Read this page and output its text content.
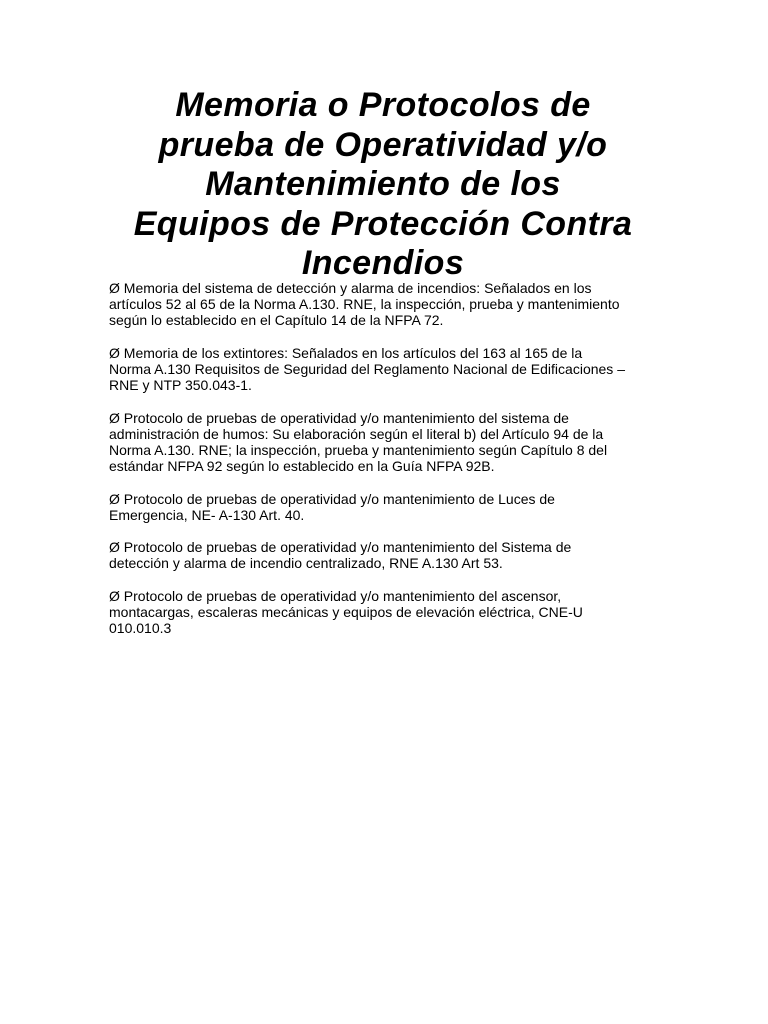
Memoria o Protocolos de
prueba de Operatividad y/o
Mantenimiento de los
Equipos de Protección Contra
Incendios

Ø Memoria del sistema de detección y alarma de incendios: Señalados en los
artículos 52 al 65 de la Norma A.130. RNE, la inspección, prueba y mantenimiento
según lo establecido en el Capítulo 14 de la NFPA 72.

Ø Memoria de los extintores: Señalados en los artículos del 163 al 165 de la
Norma A.130 Requisitos de Seguridad del Reglamento Nacional de Edificaciones –
RNE y NTP 350.043-1.

Ø Protocolo de pruebas de operatividad y/o mantenimiento del sistema de
administración de humos: Su elaboración según el literal b) del Artículo 94 de la
Norma A.130. RNE; la inspección, prueba y mantenimiento según Capítulo 8 del
estándar NFPA 92 según lo establecido en la Guía NFPA 92B.

Ø Protocolo de pruebas de operatividad y/o mantenimiento de Luces de
Emergencia, NE- A-130 Art. 40.

Ø Protocolo de pruebas de operatividad y/o mantenimiento del Sistema de
detección y alarma de incendio centralizado, RNE A.130 Art 53.

Ø Protocolo de pruebas de operatividad y/o mantenimiento del ascensor,
montacargas, escaleras mecánicas y equipos de elevación eléctrica, CNE-U
010.010.3
